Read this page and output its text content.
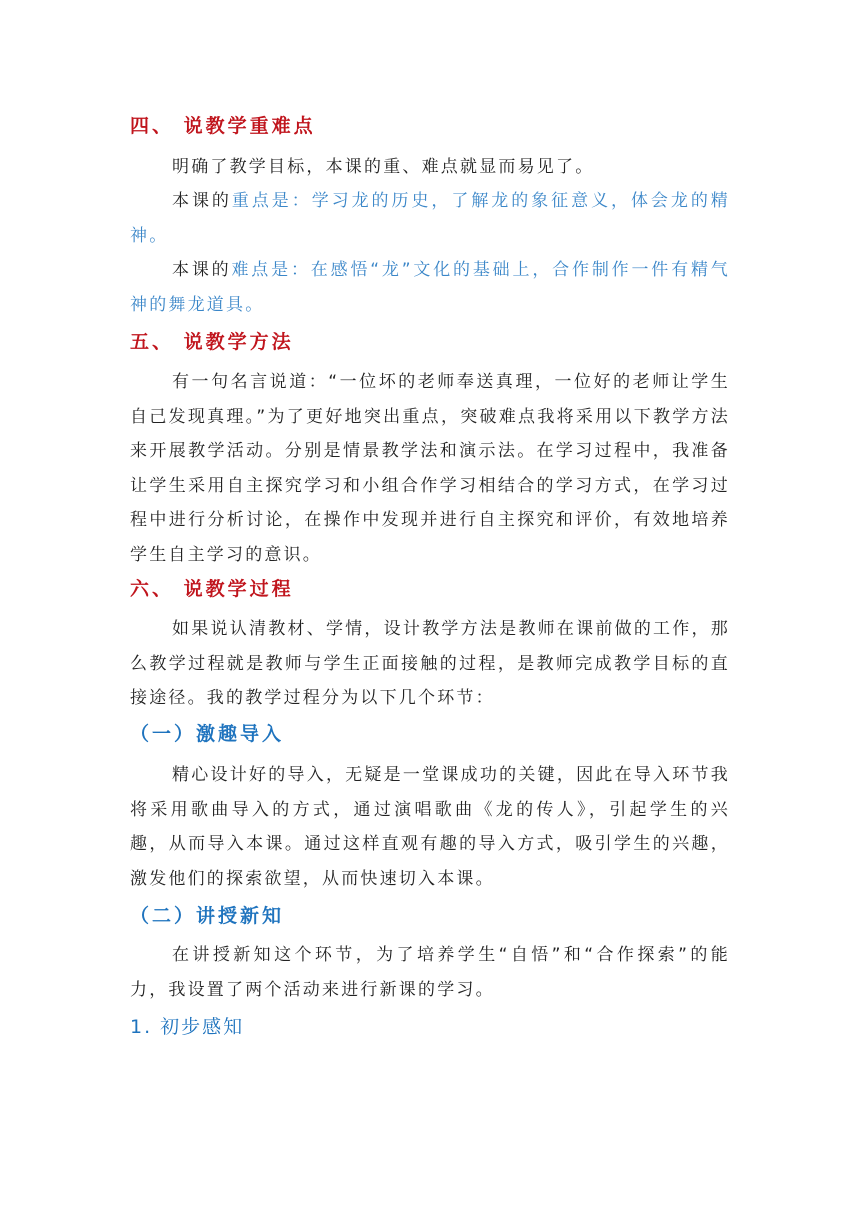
四、 说教学重难点

明确了教学目标，本课的重、难点就显而易见了。

本课的重点是：学习龙的历史，了解龙的象征意义，体会龙的精神。

本课的难点是：在感悟“龙”文化的基础上，合作制作一件有精气神的舞龙道具。

五、 说教学方法

有一句名言说道：“一位坏的老师奉送真理，一位好的老师让学生自己发现真理。”为了更好地突出重点，突破难点我将采用以下教学方法来开展教学活动。分别是情景教学法和演示法。在学习过程中，我准备让学生采用自主探究学习和小组合作学习相结合的学习方式，在学习过程中进行分析讨论，在操作中发现并进行自主探究和评价，有效地培养学生自主学习的意识。

六、 说教学过程

如果说认清教材、学情，设计教学方法是教师在课前做的工作，那么教学过程就是教师与学生正面接触的过程，是教师完成教学目标的直接途径。我的教学过程分为以下几个环节：

（一）激趣导入

精心设计好的导入，无疑是一堂课成功的关键，因此在导入环节我将采用歌曲导入的方式，通过演唱歌曲《龙的传人》，引起学生的兴趣，从而导入本课。通过这样直观有趣的导入方式，吸引学生的兴趣，激发他们的探索欲望，从而快速切入本课。

（二）讲授新知

在讲授新知这个环节，为了培养学生“自悟”和“合作探索”的能力，我设置了两个活动来进行新课的学习。

1. 初步感知
